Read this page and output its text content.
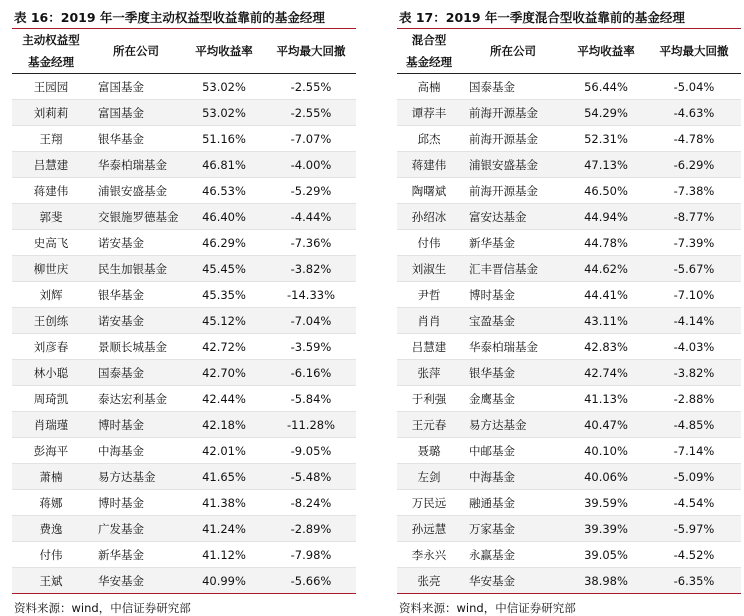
表 16：2019 年一季度主动权益型收益靠前的基金经理
主动权益型	所在公司	平均收益率	平均最大回撤
基金经理			
王园园	富国基金	53.02%	-2.55%
刘莉莉	富国基金	53.02%	-2.55%
王翔	银华基金	51.16%	-7.07%
吕慧建	华泰柏瑞基金	46.81%	-4.00%
蒋建伟	浦银安盛基金	46.53%	-5.29%
郭斐	交银施罗德基金	46.40%	-4.44%
史高飞	诺安基金	46.29%	-7.36%
柳世庆	民生加银基金	45.45%	-3.82%
刘辉	银华基金	45.35%	-14.33%
王创练	诺安基金	45.12%	-7.04%
刘彦春	景顺长城基金	42.72%	-3.59%
林小聪	国泰基金	42.70%	-6.16%
周琦凯	泰达宏利基金	42.44%	-5.84%
肖瑞瑾	博时基金	42.18%	-11.28%
彭海平	中海基金	42.01%	-9.05%
萧楠	易方达基金	41.65%	-5.48%
蒋娜	博时基金	41.38%	-8.24%
费逸	广发基金	41.24%	-2.89%
付伟	新华基金	41.12%	-7.98%
王斌	华安基金	40.99%	-5.66%
资料来源：wind，中信证券研究部
表 17：2019 年一季度混合型收益靠前的基金经理
混合型	所在公司	平均收益率	平均最大回撤
基金经理			
高楠	国泰基金	56.44%	-5.04%
谭荐丰	前海开源基金	54.29%	-4.63%
邱杰	前海开源基金	52.31%	-4.78%
蒋建伟	浦银安盛基金	47.13%	-6.29%
陶曙斌	前海开源基金	46.50%	-7.38%
孙绍冰	富安达基金	44.94%	-8.77%
付伟	新华基金	44.78%	-7.39%
刘淑生	汇丰晋信基金	44.62%	-5.67%
尹哲	博时基金	44.41%	-7.10%
肖肖	宝盈基金	43.11%	-4.14%
吕慧建	华泰柏瑞基金	42.83%	-4.03%
张萍	银华基金	42.74%	-3.82%
于利强	金鹰基金	41.13%	-2.88%
王元春	易方达基金	40.47%	-4.85%
聂璐	中邮基金	40.10%	-7.14%
左剑	中海基金	40.06%	-5.09%
万民远	融通基金	39.59%	-4.54%
孙远慧	万家基金	39.39%	-5.97%
李永兴	永赢基金	39.05%	-4.52%
张亮	华安基金	38.98%	-6.35%
资料来源：wind，中信证券研究部
